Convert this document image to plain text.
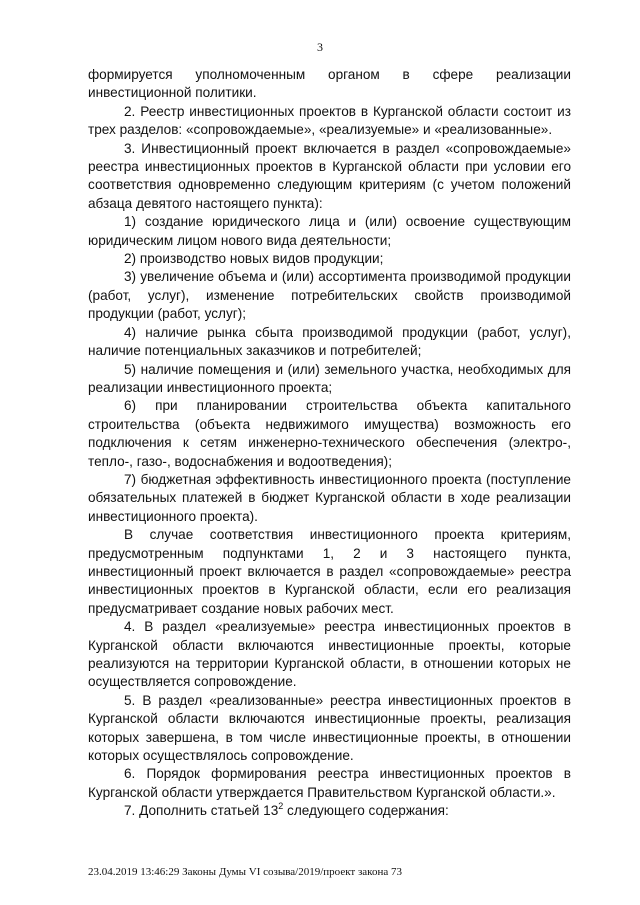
3

формируется уполномоченным органом в сфере реализации инвестиционной политики.

2. Реестр инвестиционных проектов в Курганской области состоит из трех разделов: «сопровождаемые», «реализуемые» и «реализованные».

3. Инвестиционный проект включается в раздел «сопровождаемые» реестра инвестиционных проектов в Курганской области при условии его соответствия одновременно следующим критериям (с учетом положений абзаца девятого настоящего пункта):

1) создание юридического лица и (или) освоение существующим юридическим лицом нового вида деятельности;

2) производство новых видов продукции;

3) увеличение объема и (или) ассортимента производимой продукции (работ, услуг), изменение потребительских свойств производимой продукции (работ, услуг);

4) наличие рынка сбыта производимой продукции (работ, услуг), наличие потенциальных заказчиков и потребителей;

5) наличие помещения и (или) земельного участка, необходимых для реализации инвестиционного проекта;

6) при планировании строительства объекта капитального строительства (объекта недвижимого имущества) возможность его подключения к сетям инженерно-технического обеспечения (электро-, тепло-, газо-, водоснабжения и водоотведения);

7) бюджетная эффективность инвестиционного проекта (поступление обязательных платежей в бюджет Курганской области в ходе реализации инвестиционного проекта).

В случае соответствия инвестиционного проекта критериям, предусмотренным подпунктами 1, 2 и 3 настоящего пункта, инвестиционный проект включается в раздел «сопровождаемые» реестра инвестиционных проектов в Курганской области, если его реализация предусматривает создание новых рабочих мест.

4. В раздел «реализуемые» реестра инвестиционных проектов в Курганской области включаются инвестиционные проекты, которые реализуются на территории Курганской области, в отношении которых не осуществляется сопровождение.

5. В раздел «реализованные» реестра инвестиционных проектов в Курганской области включаются инвестиционные проекты, реализация которых завершена, в том числе инвестиционные проекты, в отношении которых осуществлялось сопровождение.

6. Порядок формирования реестра инвестиционных проектов в Курганской области утверждается Правительством Курганской области.».

7. Дополнить статьей $13^2$ следующего содержания:

23.04.2019 13:46:29 Законы Думы VI созыва/2019/проект закона 73
